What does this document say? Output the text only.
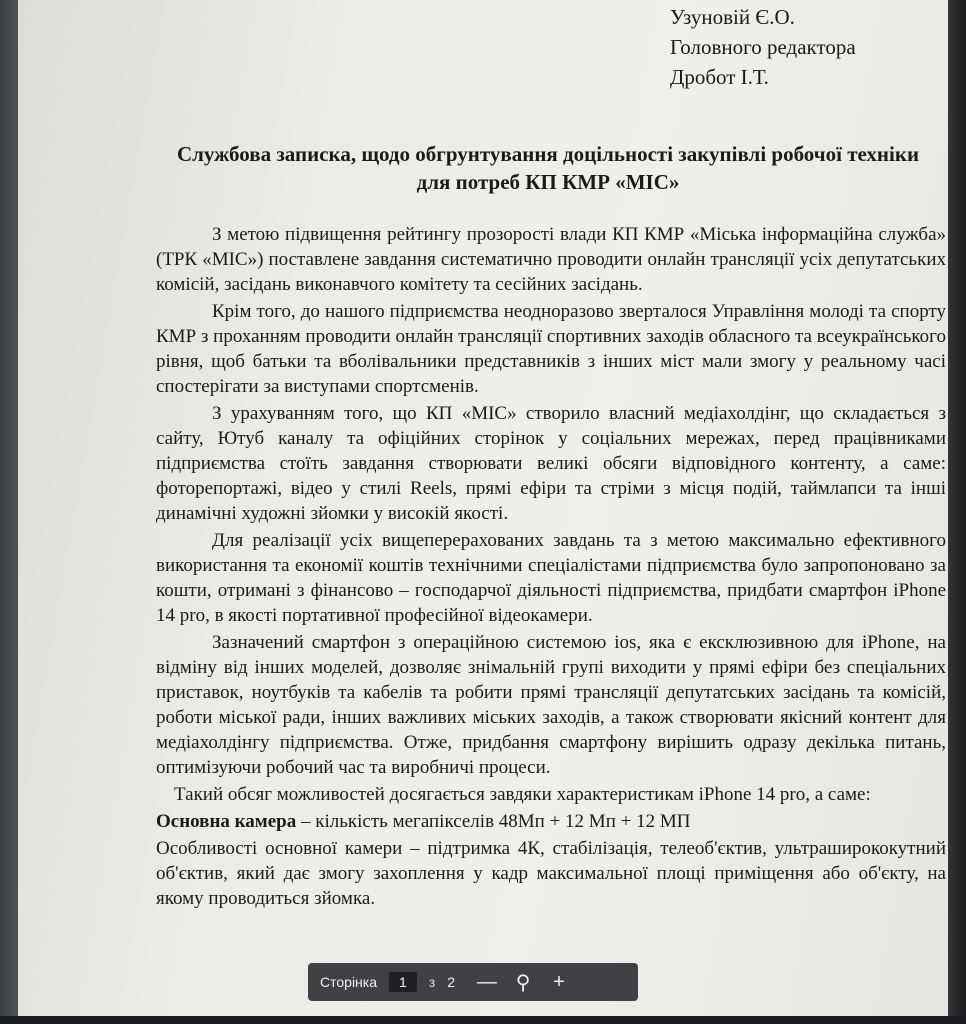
Узуновій Є.О.
Головного редактора
Дробот І.Т.
Службова записка, щодо обгрунтування доцільності закупівлі робочої техніки
для потреб КП КМР «МІС»

З метою підвищення рейтингу прозорості влади КП КМР «Міська інформаційна служба» (ТРК «МІС») поставлене завдання систематично проводити онлайн трансляції усіх депутатських комісій, засідань виконавчого комітету та сесійних засідань.

Крім того, до нашого підприємства неодноразово зверталося Управління молоді та спорту КМР з проханням проводити онлайн трансляції спортивних заходів обласного та всеукраїнського рівня, щоб батьки та вболівальники представників з інших міст мали змогу у реальному часі спостерігати за виступами спортсменів.

З урахуванням того, що КП «МІС» створило власний медіахолдінг, що складається з сайту, Ютуб каналу та офіційних сторінок у соціальних мережах, перед працівниками підприємства стоїть завдання створювати великі обсяги відповідного контенту, а саме: фоторепортажі, відео у стилі Reels, прямі ефіри та стріми з місця подій, таймлапси та інші динамічні художні зйомки у високій якості.

Для реалізації усіх вищеперерахованих завдань та з метою максимально ефективного використання та економії коштів технічними спеціалістами підприємства було запропоновано за кошти, отримані з фінансово – господарчої діяльності підприємства, придбати смартфон iPhone 14 pro, в якості портативної професійної відеокамери.

Зазначений смартфон з операційною системою ios, яка є ексклюзивною для iPhone, на відміну від інших моделей, дозволяє знімальній групі виходити у прямі ефіри без спеціальних приставок, ноутбуків та кабелів та робити прямі трансляції депутатських засідань та комісій, роботи міської ради, інших важливих міських заходів, а також створювати якісний контент для медіахолдінгу підприємства. Отже, придбання смартфону вирішить одразу декілька питань, оптимізуючи робочий час та виробничі процеси.

Такий обсяг можливостей досягається завдяки характеристикам iPhone 14 pro, а саме:

Основна камера – кількість мегапікселів 48Мп + 12 Мп + 12 МП

Особливості основної камери – підтримка 4К, стабілізація, телеоб'єктив, ультраширококутний об'єктив, який дає змогу захоплення у кадр максимальної площі приміщення або об'єкту, на якому проводиться зйомка.

Сторінка	1	з 2 — ⚲	+
